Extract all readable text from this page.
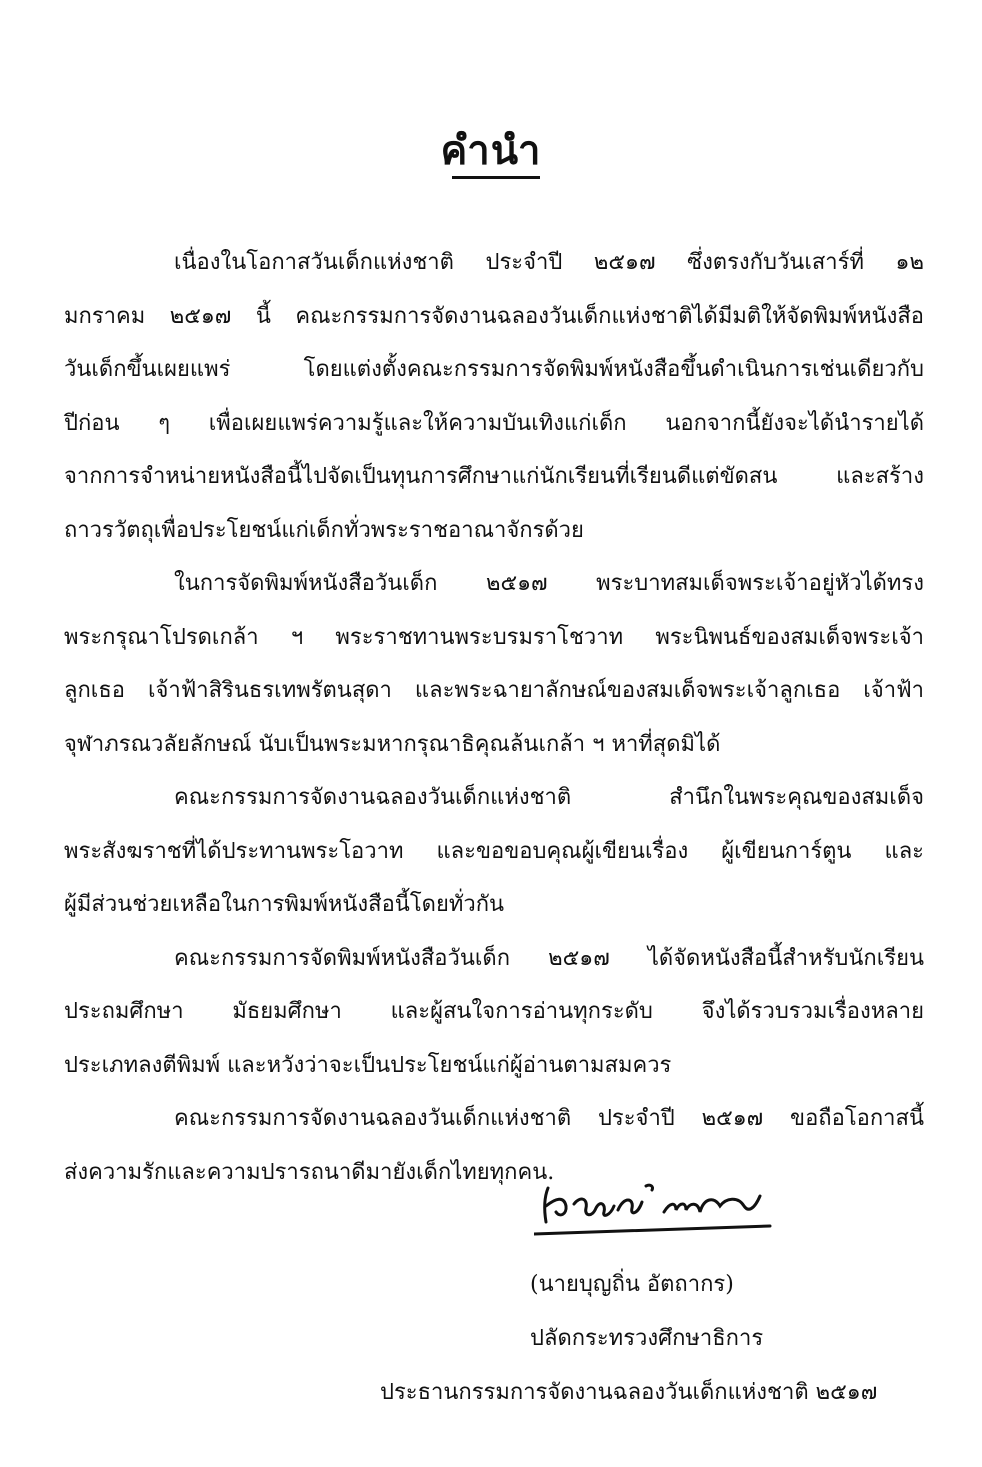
คำนำ

เนื่องในโอกาสวันเด็กแห่งชาติ ประจำปี ๒๕๑๗ ซึ่งตรงกับวันเสาร์ที่ ๑๒
มกราคม ๒๕๑๗ นี้ คณะกรรมการจัดงานฉลองวันเด็กแห่งชาติได้มีมติให้จัดพิมพ์หนังสือ
วันเด็กขึ้นเผยแพร่ โดยแต่งตั้งคณะกรรมการจัดพิมพ์หนังสือขึ้นดำเนินการเช่นเดียวกับ
ปีก่อน ๆ เพื่อเผยแพร่ความรู้และให้ความบันเทิงแก่เด็ก นอกจากนี้ยังจะได้นำรายได้
จากการจำหน่ายหนังสือนี้ไปจัดเป็นทุนการศึกษาแก่นักเรียนที่เรียนดีแต่ขัดสน และสร้าง
ถาวรวัตถุเพื่อประโยชน์แก่เด็กทั่วพระราชอาณาจักรด้วย

ในการจัดพิมพ์หนังสือวันเด็ก ๒๕๑๗ พระบาทสมเด็จพระเจ้าอยู่หัวได้ทรง
พระกรุณาโปรดเกล้า ฯ พระราชทานพระบรมราโชวาท พระนิพนธ์ของสมเด็จพระเจ้า
ลูกเธอ เจ้าฟ้าสิรินธรเทพรัตนสุดา และพระฉายาลักษณ์ของสมเด็จพระเจ้าลูกเธอ เจ้าฟ้า
จุฬาภรณวลัยลักษณ์ นับเป็นพระมหากรุณาธิคุณล้นเกล้า ฯ หาที่สุดมิได้

คณะกรรมการจัดงานฉลองวันเด็กแห่งชาติ สำนึกในพระคุณของสมเด็จ
พระสังฆราชที่ได้ประทานพระโอวาท และขอขอบคุณผู้เขียนเรื่อง ผู้เขียนการ์ตูน และ
ผู้มีส่วนช่วยเหลือในการพิมพ์หนังสือนี้โดยทั่วกัน

คณะกรรมการจัดพิมพ์หนังสือวันเด็ก ๒๕๑๗ ได้จัดหนังสือนี้สำหรับนักเรียน
ประถมศึกษา มัธยมศึกษา และผู้สนใจการอ่านทุกระดับ จึงได้รวบรวมเรื่องหลาย
ประเภทลงตีพิมพ์ และหวังว่าจะเป็นประโยชน์แก่ผู้อ่านตามสมควร

คณะกรรมการจัดงานฉลองวันเด็กแห่งชาติ ประจำปี ๒๕๑๗ ขอถือโอกาสนี้
ส่งความรักและความปรารถนาดีมายังเด็กไทยทุกคน.

(นายบุญถิ่น อัตถากร)
ปลัดกระทรวงศึกษาธิการ
ประธานกรรมการจัดงานฉลองวันเด็กแห่งชาติ ๒๕๑๗
